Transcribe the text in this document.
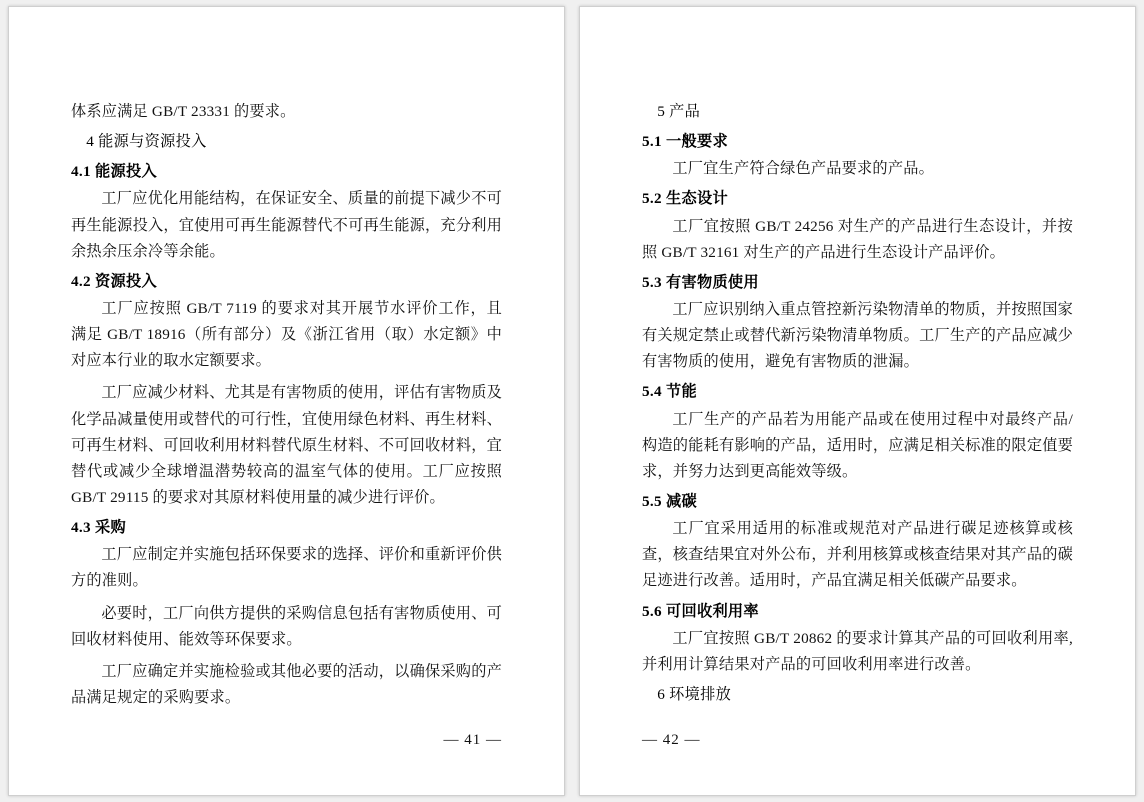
体系应满足 GB/T 23331 的要求。

4 能源与资源投入
4.1 能源投入

工厂应优化用能结构，在保证安全、质量的前提下减少不可再生能源投入，宜使用可再生能源替代不可再生能源，充分利用余热余压余冷等余能。

4.2 资源投入

工厂应按照 GB/T 7119 的要求对其开展节水评价工作，且满足 GB/T 18916（所有部分）及《浙江省用（取）水定额》中对应本行业的取水定额要求。

工厂应减少材料、尤其是有害物质的使用，评估有害物质及化学品减量使用或替代的可行性，宜使用绿色材料、再生材料、可再生材料、可回收利用材料替代原生材料、不可回收材料，宜替代或减少全球增温潜势较高的温室气体的使用。工厂应按照 GB/T 29115 的要求对其原材料使用量的减少进行评价。

4.3 采购

工厂应制定并实施包括环保要求的选择、评价和重新评价供方的准则。

必要时，工厂向供方提供的采购信息包括有害物质使用、可回收材料使用、能效等环保要求。

工厂应确定并实施检验或其他必要的活动，以确保采购的产品满足规定的采购要求。

— 41 —
5 产品
5.1 一般要求

工厂宜生产符合绿色产品要求的产品。

5.2 生态设计

工厂宜按照 GB/T 24256 对生产的产品进行生态设计，并按照 GB/T 32161 对生产的产品进行生态设计产品评价。

5.3 有害物质使用

工厂应识别纳入重点管控新污染物清单的物质，并按照国家有关规定禁止或替代新污染物清单物质。工厂生产的产品应减少有害物质的使用，避免有害物质的泄漏。

5.4 节能

工厂生产的产品若为用能产品或在使用过程中对最终产品/构造的能耗有影响的产品，适用时，应满足相关标准的限定值要求，并努力达到更高能效等级。

5.5 减碳

工厂宜采用适用的标准或规范对产品进行碳足迹核算或核查，核查结果宜对外公布，并利用核算或核查结果对其产品的碳足迹进行改善。适用时，产品宜满足相关低碳产品要求。

5.6 可回收利用率

工厂宜按照 GB/T 20862 的要求计算其产品的可回收利用率,并利用计算结果对产品的可回收利用率进行改善。

6 环境排放
— 42 —
